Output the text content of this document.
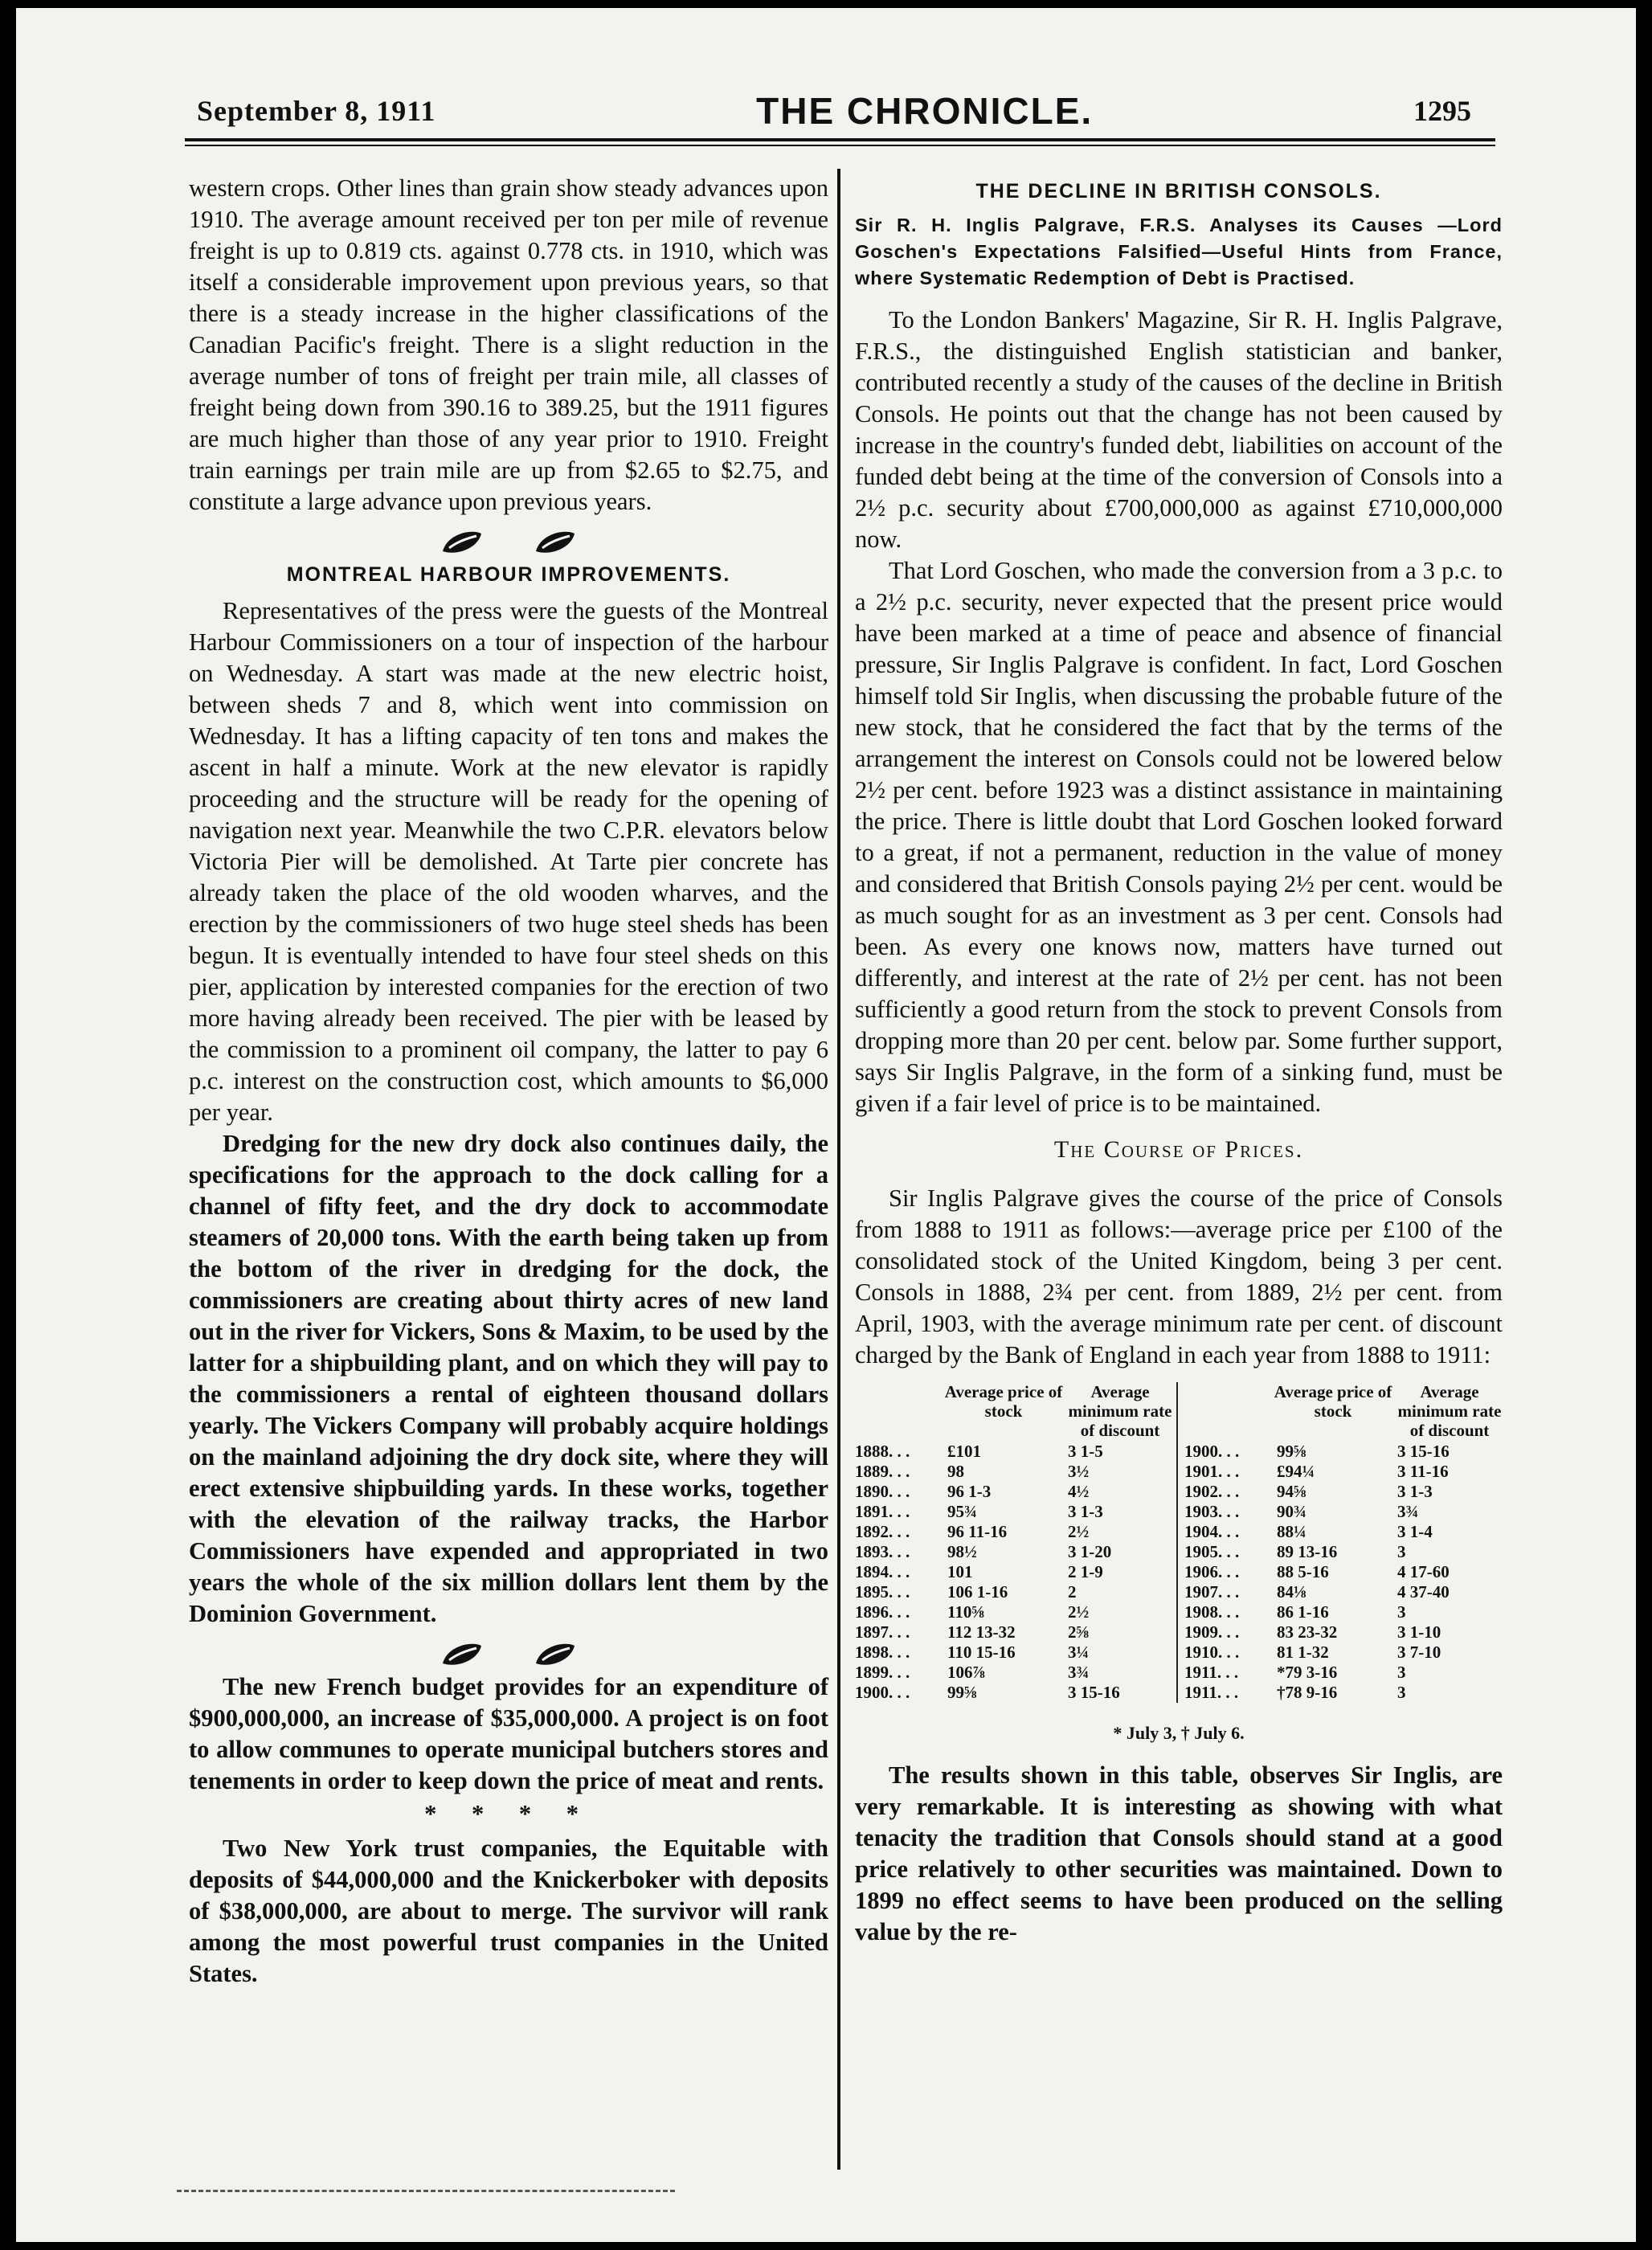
September 8, 1911	THE CHRONICLE.	1295

western crops. Other lines than grain show steady advances upon 1910. The average amount received per ton per mile of revenue freight is up to 0.819 cts. against 0.778 cts. in 1910, which was itself a considerable improvement upon previous years, so that there is a steady increase in the higher classifications of the Canadian Pacific's freight. There is a slight reduction in the average number of tons of freight per train mile, all classes of freight being down from 390.16 to 389.25, but the 1911 figures are much higher than those of any year prior to 1910. Freight train earnings per train mile are up from $2.65 to $2.75, and constitute a large advance upon previous years.

MONTREAL HARBOUR IMPROVEMENTS.

Representatives of the press were the guests of the Montreal Harbour Commissioners on a tour of inspection of the harbour on Wednesday. A start was made at the new electric hoist, between sheds 7 and 8, which went into commission on Wednesday. It has a lifting capacity of ten tons and makes the ascent in half a minute. Work at the new elevator is rapidly proceeding and the structure will be ready for the opening of navigation next year. Meanwhile the two C.P.R. elevators below Victoria Pier will be demolished. At Tarte pier concrete has already taken the place of the old wooden wharves, and the erection by the commissioners of two huge steel sheds has been begun. It is eventually intended to have four steel sheds on this pier, application by interested companies for the erection of two more having already been received. The pier with be leased by the commission to a prominent oil company, the latter to pay 6 p.c. interest on the construction cost, which amounts to $6,000 per year.

Dredging for the new dry dock also continues daily, the specifications for the approach to the dock calling for a channel of fifty feet, and the dry dock to accommodate steamers of 20,000 tons. With the earth being taken up from the bottom of the river in dredging for the dock, the commissioners are creating about thirty acres of new land out in the river for Vickers, Sons & Maxim, to be used by the latter for a shipbuilding plant, and on which they will pay to the commissioners a rental of eighteen thousand dollars yearly. The Vickers Company will probably acquire holdings on the mainland adjoining the dry dock site, where they will erect extensive shipbuilding yards. In these works, together with the elevation of the railway tracks, the Harbor Commissioners have expended and appropriated in two years the whole of the six million dollars lent them by the Dominion Government.

The new French budget provides for an expenditure of $900,000,000, an increase of $35,000,000. A project is on foot to allow communes to operate municipal butchers stores and tenements in order to keep down the price of meat and rents.

* * * *

Two New York trust companies, the Equitable with deposits of $44,000,000 and the Knickerboker with deposits of $38,000,000, are about to merge. The survivor will rank among the most powerful trust companies in the United States.

THE DECLINE IN BRITISH CONSOLS.
Sir R. H. Inglis Palgrave, F.R.S. Analyses its Causes —Lord Goschen's Expectations Falsified—Useful Hints from France, where Systematic Redemption of Debt is Practised.

To the London Bankers' Magazine, Sir R. H. Inglis Palgrave, F.R.S., the distinguished English statistician and banker, contributed recently a study of the causes of the decline in British Consols. He points out that the change has not been caused by increase in the country's funded debt, liabilities on account of the funded debt being at the time of the conversion of Consols into a 2½ p.c. security about £700,000,000 as against £710,000,000 now.

That Lord Goschen, who made the conversion from a 3 p.c. to a 2½ p.c. security, never expected that the present price would have been marked at a time of peace and absence of financial pressure, Sir Inglis Palgrave is confident. In fact, Lord Goschen himself told Sir Inglis, when discussing the probable future of the new stock, that he considered the fact that by the terms of the arrangement the interest on Consols could not be lowered below 2½ per cent. before 1923 was a distinct assistance in maintaining the price. There is little doubt that Lord Goschen looked forward to a great, if not a permanent, reduction in the value of money and considered that British Consols paying 2½ per cent. would be as much sought for as an investment as 3 per cent. Consols had been. As every one knows now, matters have turned out differently, and interest at the rate of 2½ per cent. has not been sufficiently a good return from the stock to prevent Consols from dropping more than 20 per cent. below par. Some further support, says Sir Inglis Palgrave, in the form of a sinking fund, must be given if a fair level of price is to be maintained.

The Course of Prices.

Sir Inglis Palgrave gives the course of the price of Consols from 1888 to 1911 as follows:—average price per £100 of the consolidated stock of the United Kingdom, being 3 per cent. Consols in 1888, 2¾ per cent. from 1889, 2½ per cent. from April, 1903, with the average minimum rate per cent. of discount charged by the Bank of England in each year from 1888 to 1911:

Average price of stock
Average minimum rate of discount
1888. . .	£101	3 1-5
1889. . .	98	3½
1890. . .	96 1-3	4½
1891. . .	95¾	3 1-3
1892. . .	96 11-16	2½
1893. . .	98½	3 1-20
1894. . .	101	2 1-9
1895. . .	106 1-16	2
1896. . .	110⅝	2½
1897. . .	112 13-32	2⅝
1898. . .	110 15-16	3¼
1899. . .	106⅞	3¾
1900. . .	99⅝	3 15-16
Average price of stock
Average minimum rate of discount
1900. . .	99⅝	3 15-16
1901. . .	£94¼	3 11-16
1902. . .	94⅝	3 1-3
1903. . .	90¾	3¾
1904. . .	88¼	3 1-4
1905. . .	89 13-16	3
1906. . .	88 5-16	4 17-60
1907. . .	84⅛	4 37-40
1908. . .	86 1-16	3
1909. . .	83 23-32	3 1-10
1910. . .	81 1-32	3 7-10
1911. . .	*79 3-16	3
1911. . .	†78 9-16	3
* July 3, † July 6.

The results shown in this table, observes Sir Inglis, are very remarkable. It is interesting as showing with what tenacity the tradition that Consols should stand at a good price relatively to other securities was maintained. Down to 1899 no effect seems to have been produced on the selling value by the re-
